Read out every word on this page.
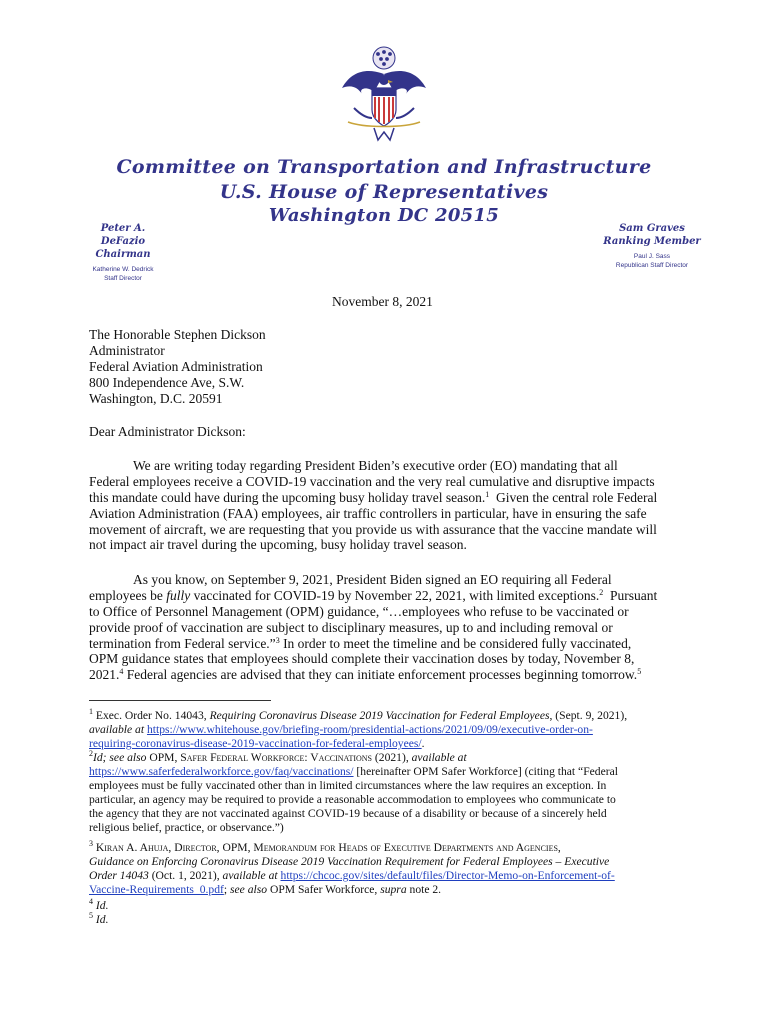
Committee on Transportation and Infrastructure
U.S. House of Representatives
Washington DC 20515
Peter A. DeFazio
Chairman
Katherine W. Dedrick
Staff Director
Sam Graves
Ranking Member
Paul J. Sass
Republican Staff Director
November 8, 2021
The Honorable Stephen Dickson
Administrator
Federal Aviation Administration
800 Independence Ave, S.W.
Washington, D.C. 20591
Dear Administrator Dickson:
We are writing today regarding President Biden’s executive order (EO) mandating that all
Federal employees receive a COVID-19 vaccination and the very real cumulative and disruptive impacts
this mandate could have during the upcoming busy holiday travel season.$^1$  Given the central role Federal
Aviation Administration (FAA) employees, air traffic controllers in particular, have in ensuring the safe
movement of aircraft, we are requesting that you provide us with assurance that the vaccine mandate will
not impact air travel during the upcoming, busy holiday travel season.
As you know, on September 9, 2021, President Biden signed an EO requiring all Federal
employees be fully vaccinated for COVID-19 by November 22, 2021, with limited exceptions.$^2$  Pursuant
to Office of Personnel Management (OPM) guidance, “…employees who refuse to be vaccinated or
provide proof of vaccination are subject to disciplinary measures, up to and including removal or
termination from Federal service.”$^3$ In order to meet the timeline and be considered fully vaccinated,
OPM guidance states that employees should complete their vaccination doses by today, November 8,
2021.$^4$ Federal agencies are advised that they can initiate enforcement processes beginning tomorrow.$^5$
$^1$ Exec. Order No. 14043, Requiring Coronavirus Disease 2019 Vaccination for Federal Employees, (Sept. 9, 2021),
available at https://www.whitehouse.gov/briefing-room/presidential-actions/2021/09/09/executive-order-on-
requiring-coronavirus-disease-2019-vaccination-for-federal-employees/.
$^2$Id; see also OPM, Safer Federal Workforce: Vaccinations (2021), available at
https://www.saferfederalworkforce.gov/faq/vaccinations/ [hereinafter OPM Safer Workforce] (citing that “Federal
employees must be fully vaccinated other than in limited circumstances where the law requires an exception. In
particular, an agency may be required to provide a reasonable accommodation to employees who communicate to
the agency that they are not vaccinated against COVID-19 because of a disability or because of a sincerely held
religious belief, practice, or observance.”)
$^3$ Kiran A. Ahuja, Director, OPM, Memorandum for Heads of Executive Departments and Agencies,
Guidance on Enforcing Coronavirus Disease 2019 Vaccination Requirement for Federal Employees – Executive
Order 14043 (Oct. 1, 2021), available at https://chcoc.gov/sites/default/files/Director-Memo-on-Enforcement-of-
Vaccine-Requirements_0.pdf; see also OPM Safer Workforce, supra note 2.
$^4$ Id.
$^5$ Id.
